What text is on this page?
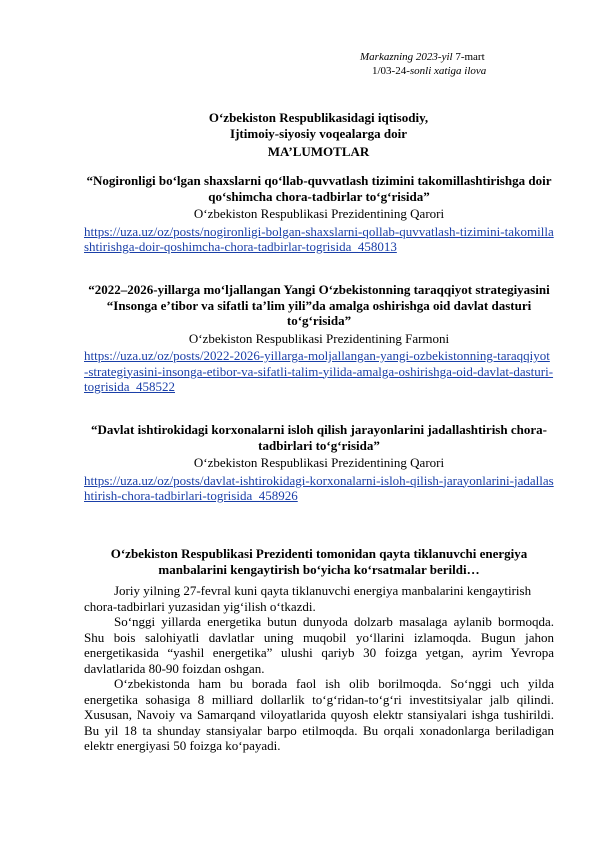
Markazning 2023-yil 7-mart
1/03-24-sonli xatiga ilova
O‘zbekiston Respublikasidagi iqtisodiy,
Ijtimoiy-siyosiy voqealarga doir
MA’LUMOTLAR
“Nogironligi bo‘lgan shaxslarni qo‘llab-quvvatlash tizimini takomillashtirishga doir qo‘shimcha chora-tadbirlar to‘g‘risida”
O‘zbekiston Respublikasi Prezidentining Qarori
https://uza.uz/oz/posts/nogironligi-bolgan-shaxslarni-qollab-quvvatlash-tizimini-takomillashtirishga-doir-qoshimcha-chora-tadbirlar-togrisida_458013
“2022–2026-yillarga mo‘ljallangan Yangi O‘zbekistonning taraqqiyot strategiyasini “Insonga e’tibor va sifatli ta’lim yili”da amalga oshirishga oid davlat dasturi to‘g‘risida”
O‘zbekiston Respublikasi Prezidentining Farmoni
https://uza.uz/oz/posts/2022-2026-yillarga-moljallangan-yangi-ozbekistonning-taraqqiyot-strategiyasini-insonga-etibor-va-sifatli-talim-yilida-amalga-oshirishga-oid-davlat-dasturi-togrisida_458522
“Davlat ishtirokidagi korxonalarni isloh qilish jarayonlarini jadallashtirish chora-tadbirlari to‘g‘risida”
O‘zbekiston Respublikasi Prezidentining Qarori
https://uza.uz/oz/posts/davlat-ishtirokidagi-korxonalarni-isloh-qilish-jarayonlarini-jadallashtirish-chora-tadbirlari-togrisida_458926
O‘zbekiston Respublikasi Prezidenti tomonidan qayta tiklanuvchi energiya manbalarini kengaytirish bo‘yicha ko‘rsatmalar berildi…
Joriy yilning 27-fevral kuni qayta tiklanuvchi energiya manbalarini kengaytirish
chora-tadbirlari yuzasidan yig‘ilish o‘tkazdi.
So‘nggi yillarda energetika butun dunyoda dolzarb masalaga aylanib bormoqda. Shu bois salohiyatli davlatlar uning muqobil yo‘llarini izlamoqda. Bugun jahon energetikasida “yashil energetika” ulushi qariyb 30 foizga yetgan, ayrim Yevropa davlatlarida 80-90 foizdan oshgan.
O‘zbekistonda ham bu borada faol ish olib borilmoqda. So‘nggi uch yilda energetika sohasiga 8 milliard dollarlik to‘g‘ridan-to‘g‘ri investitsiyalar jalb qilindi. Xususan, Navoiy va Samarqand viloyatlarida quyosh elektr stansiyalari ishga tushirildi. Bu yil 18 ta shunday stansiyalar barpo etilmoqda. Bu orqali xonadonlarga beriladigan elektr energiyasi 50 foizga ko‘payadi.
